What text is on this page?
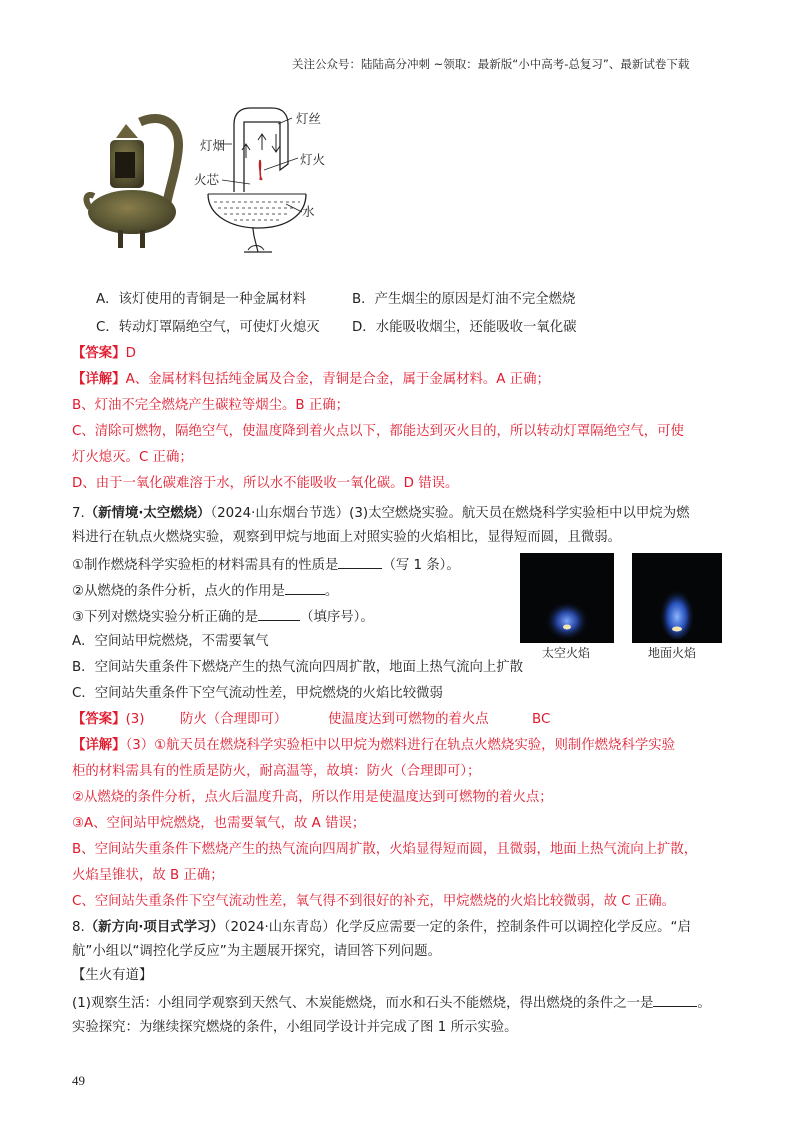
关注公众号：陆陆高分冲刺 ~领取：最新版“小中高考-总复习”、最新试卷下载
灯丝
灯烟
灯火
火芯
水
A．该灯使用的青铜是一种金属材料	B．产生烟尘的原因是灯油不完全燃烧
C．转动灯罩隔绝空气，可使灯火熄灭 D．水能吸收烟尘，还能吸收一氧化碳
【答案】D
【详解】A、金属材料包括纯金属及合金，青铜是合金，属于金属材料。A 正确；
B、灯油不完全燃烧产生碳粒等烟尘。B 正确；
C、清除可燃物，隔绝空气，使温度降到着火点以下，都能达到灭火目的，所以转动灯罩隔绝空气，可使
灯火熄灭。C 正确；
D、由于一氧化碳难溶于水，所以水不能吸收一氧化碳。D 错误。
7.（新情境·太空燃烧）（2024·山东烟台节选）(3)太空燃烧实验。航天员在燃烧科学实验柜中以甲烷为燃
料进行在轨点火燃烧实验，观察到甲烷与地面上对照实验的火焰相比，显得短而圆，且微弱。
①制作燃烧科学实验柜的材料需具有的性质是	（写 1 条）。
②从燃烧的条件分析，点火的作用是	。
③下列对燃烧实验分析正确的是	（填序号）。
A．空间站甲烷燃烧，不需要氧气
B．空间站失重条件下燃烧产生的热气流向四周扩散，地面上热气流向上扩散
C．空间站失重条件下空气流动性差，甲烷燃烧的火焰比较微弱
太空火焰	地面火焰
【答案】(3)	防火（合理即可）	使温度达到可燃物的着火点	BC
【详解】（3）①航天员在燃烧科学实验柜中以甲烷为燃料进行在轨点火燃烧实验，则制作燃烧科学实验
柜的材料需具有的性质是防火，耐高温等，故填：防火（合理即可）；
②从燃烧的条件分析，点火后温度升高，所以作用是使温度达到可燃物的着火点；
③A、空间站甲烷燃烧，也需要氧气，故 A 错误；
B、空间站失重条件下燃烧产生的热气流向四周扩散，火焰显得短而圆，且微弱，地面上热气流向上扩散，
火焰呈锥状，故 B 正确；
C、空间站失重条件下空气流动性差，氧气得不到很好的补充，甲烷燃烧的火焰比较微弱，故 C 正确。
8.（新方向·项目式学习）（2024·山东青岛）化学反应需要一定的条件，控制条件可以调控化学反应。“启
航”小组以“调控化学反应”为主题展开探究，请回答下列问题。
【生火有道】
(1)观察生活：小组同学观察到天然气、木炭能燃烧，而水和石头不能燃烧，得出燃烧的条件之一是	。
实验探究：为继续探究燃烧的条件，小组同学设计并完成了图 1 所示实验。
49
